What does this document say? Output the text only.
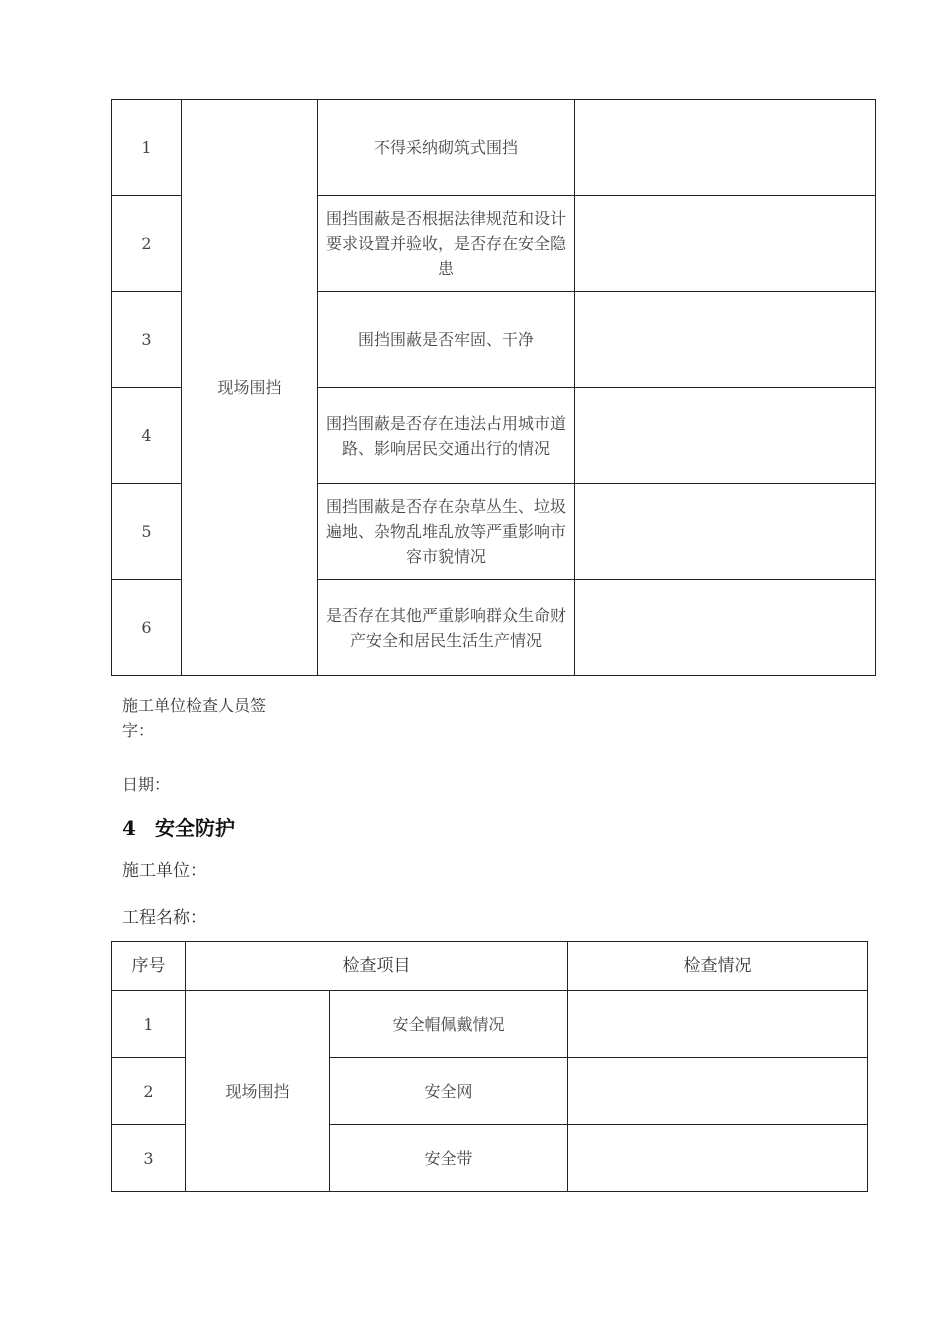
1	现场围挡	不得采纳砌筑式围挡	
2		围挡围蔽是否根据法律规范和设计要求设置并验收，是否存在安全隐患	
3		围挡围蔽是否牢固、干净	
4		围挡围蔽是否存在违法占用城市道路、影响居民交通出行的情况	
5		围挡围蔽是否存在杂草丛生、垃圾遍地、杂物乱堆乱放等严重影响市容市貌情况	
6		是否存在其他严重影响群众生命财产安全和居民生活生产情况	
施工单位检查人员签字：
日期：
4 安全防护
施工单位：
工程名称：
序号	检查项目		检查情况
1	现场围挡	安全帽佩戴情况	
2		安全网	
3		安全带	
